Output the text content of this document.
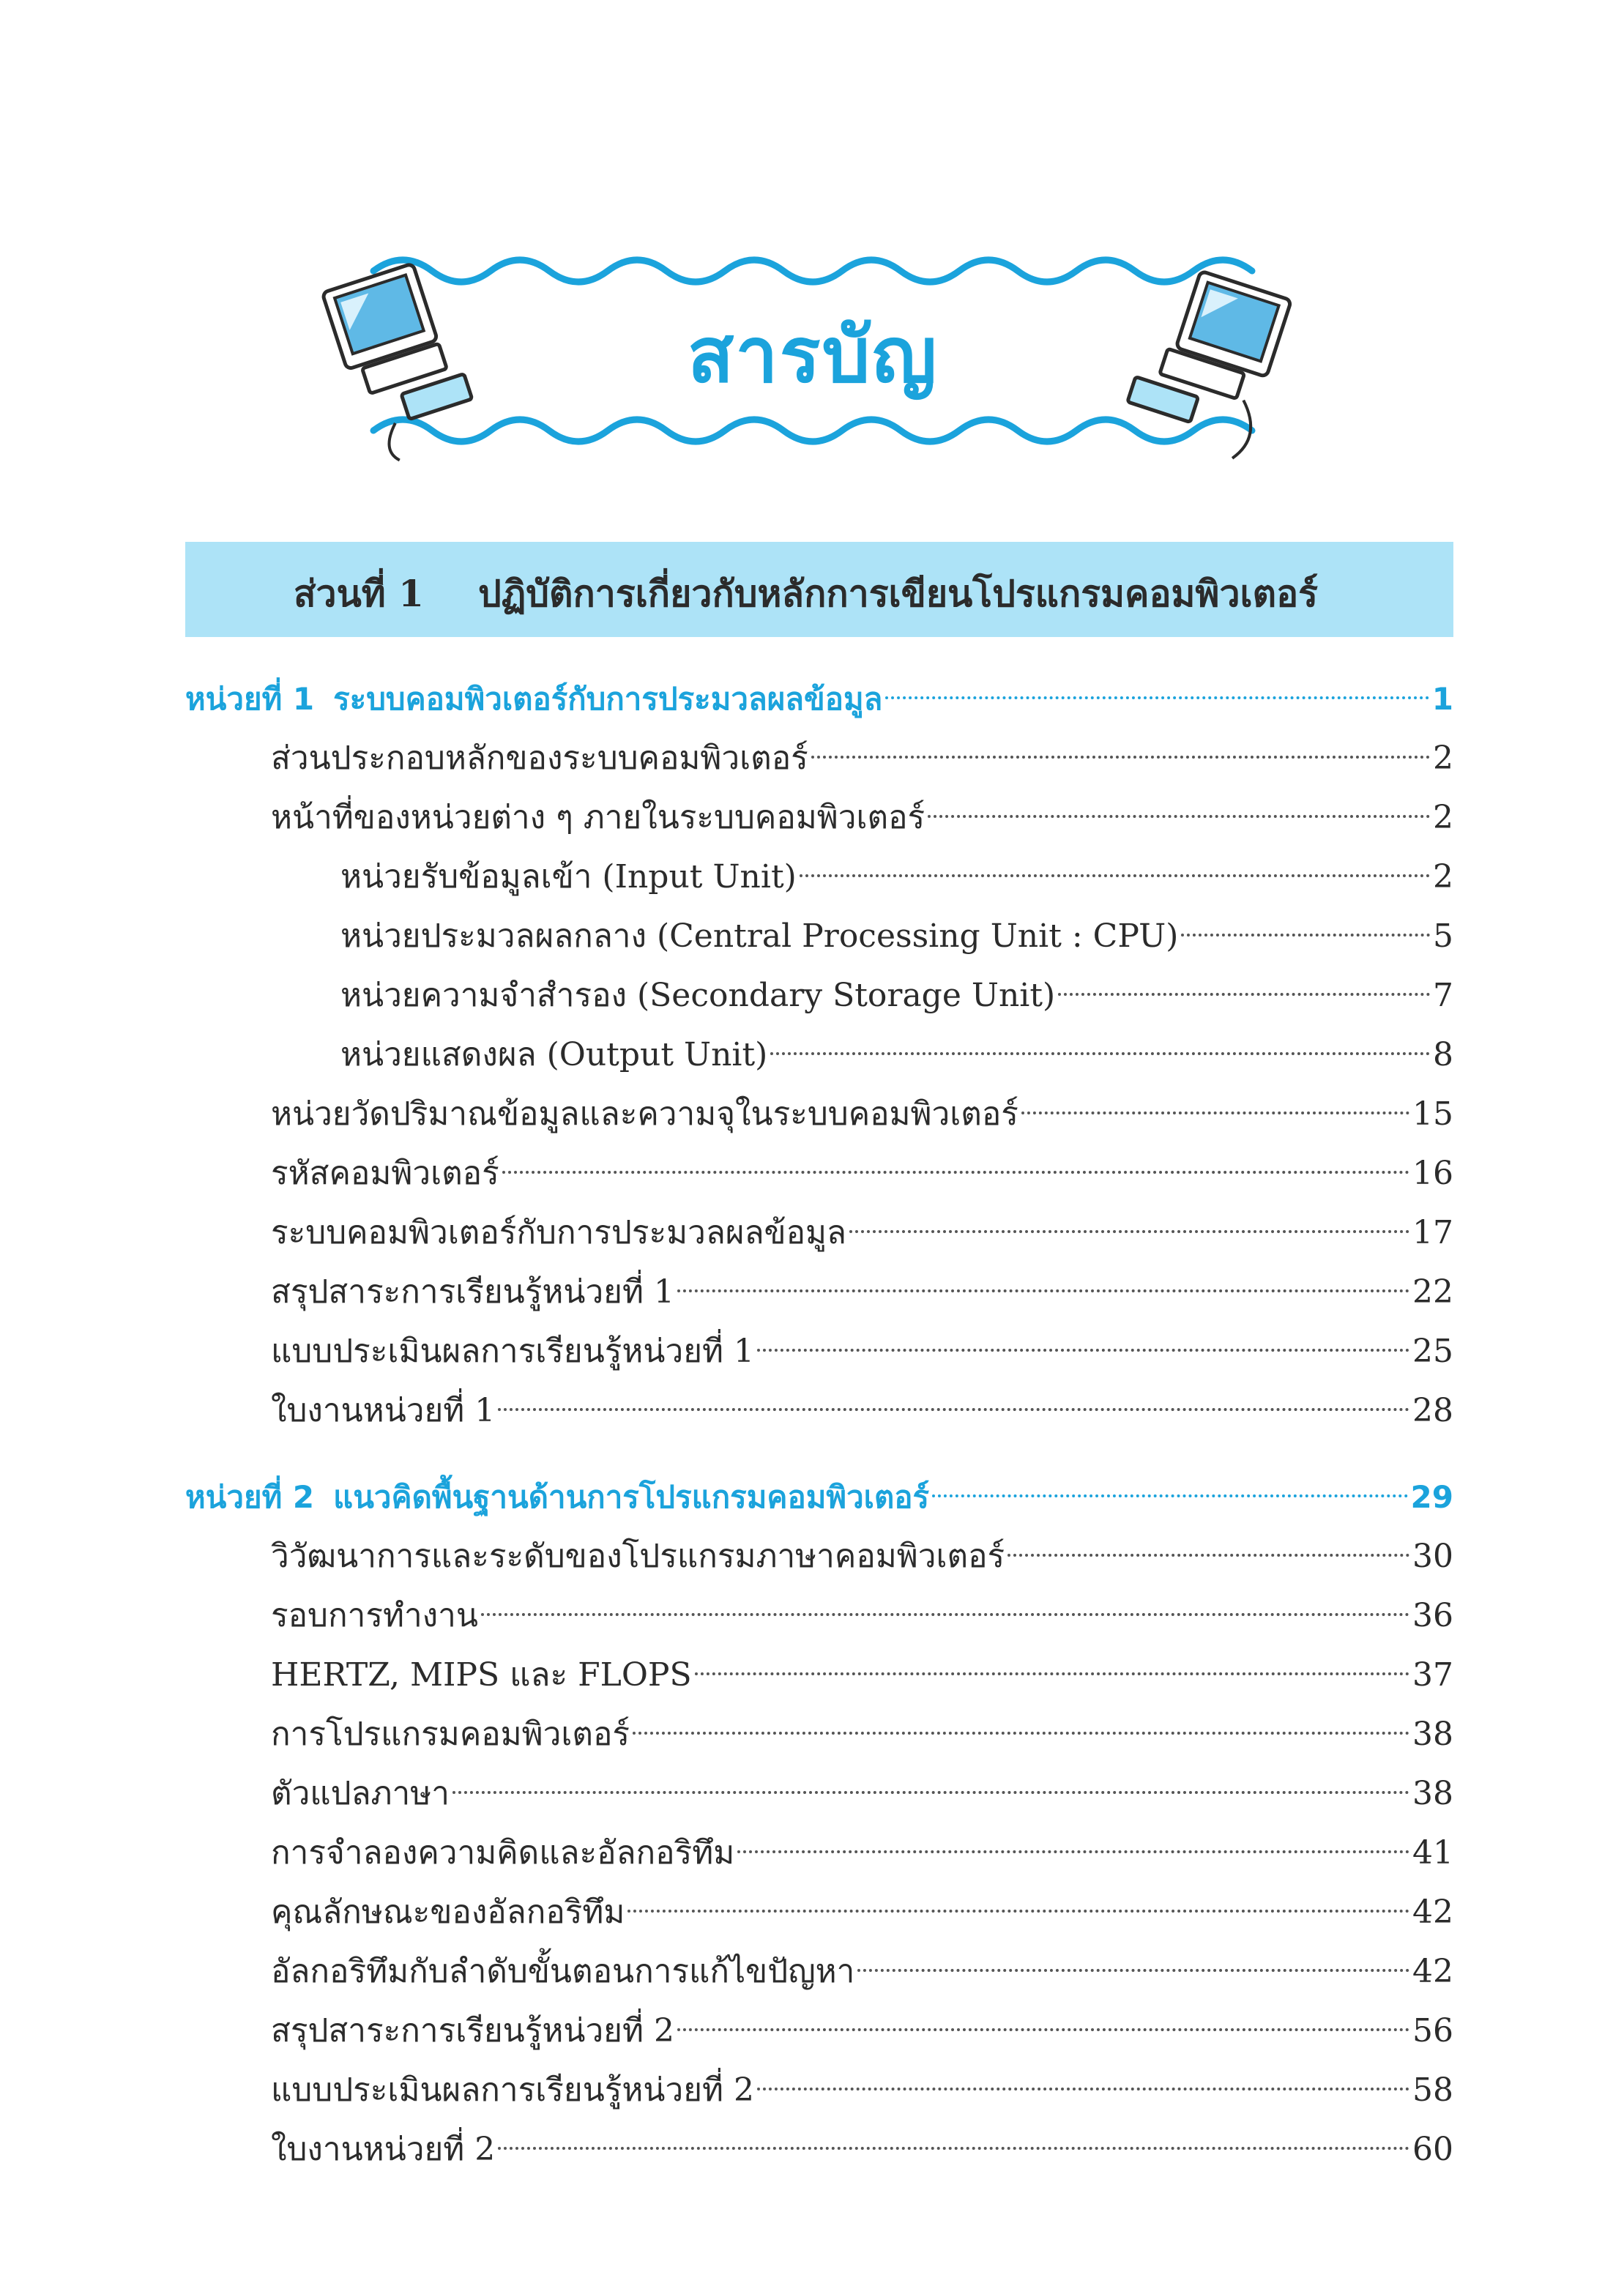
สารบัญ
ส่วนที่ 1 ปฏิบัติการเกี่ยวกับหลักการเขียนโปรแกรมคอมพิวเตอร์
หน่วยที่ 1 ระบบคอมพิวเตอร์กับการประมวลผลข้อมูล	1
ส่วนประกอบหลักของระบบคอมพิวเตอร์	2
หน้าที่ของหน่วยต่าง ๆ ภายในระบบคอมพิวเตอร์	2
หน่วยรับข้อมูลเข้า (Input Unit)	2
หน่วยประมวลผลกลาง (Central Processing Unit : CPU)	5
หน่วยความจำสำรอง (Secondary Storage Unit)	7
หน่วยแสดงผล (Output Unit)	8
หน่วยวัดปริมาณข้อมูลและความจุในระบบคอมพิวเตอร์	15
รหัสคอมพิวเตอร์	16
ระบบคอมพิวเตอร์กับการประมวลผลข้อมูล	17
สรุปสาระการเรียนรู้หน่วยที่ 1	22
แบบประเมินผลการเรียนรู้หน่วยที่ 1	25
ใบงานหน่วยที่ 1	28
หน่วยที่ 2 แนวคิดพื้นฐานด้านการโปรแกรมคอมพิวเตอร์	29
วิวัฒนาการและระดับของโปรแกรมภาษาคอมพิวเตอร์	30
รอบการทำงาน	36
HERTZ, MIPS และ FLOPS	37
การโปรแกรมคอมพิวเตอร์	38
ตัวแปลภาษา	38
การจำลองความคิดและอัลกอริทึม	41
คุณลักษณะของอัลกอริทึม	42
อัลกอริทึมกับลำดับขั้นตอนการแก้ไขปัญหา	42
สรุปสาระการเรียนรู้หน่วยที่ 2	56
แบบประเมินผลการเรียนรู้หน่วยที่ 2	58
ใบงานหน่วยที่ 2	60
